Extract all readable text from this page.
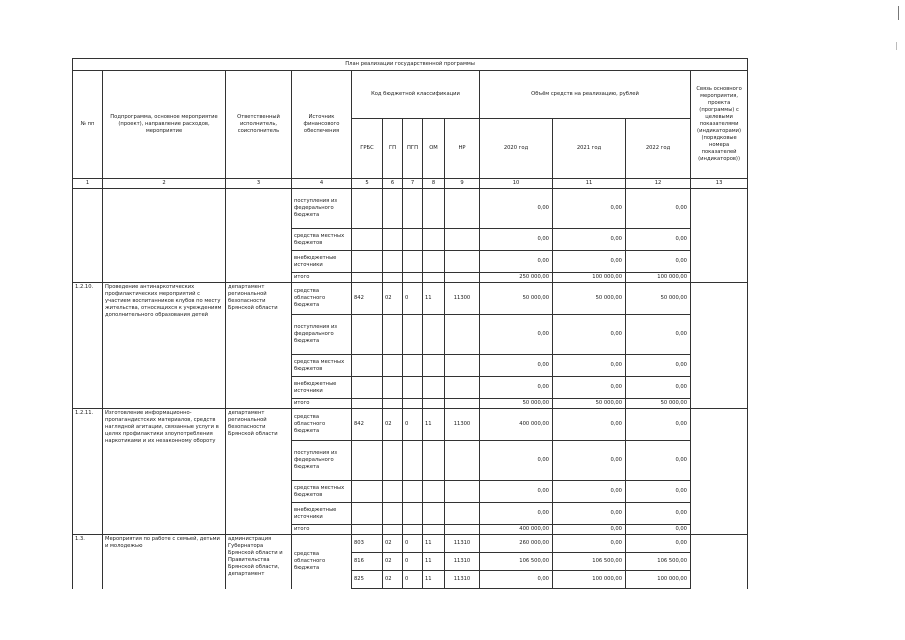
План реализации государственной программы												
№ пп	Подпрограмма, основное мероприятие (проект), направление расходов, мероприятие	Ответственный исполнитель, соисполнитель	Источник финансового обеспечения	Код бюджетной классификации					Объём средств на реализацию, рублей			Связь основного мероприятия, проекта (программы) с целевыми показателями (индикаторами) (порядковые номера показателей (индикаторов))
				ГРБС	ГП	ПГП	ОМ	НР	2020 год	2021 год	2022 год	
1	2	3	4	5	6	7	8	9	10	11	12	13
			поступления из федерального бюджета						0,00	0,00	0,00	
			средства местных бюджетов						0,00	0,00	0,00	
			внебюджетные источники						0,00	0,00	0,00	
			итого						250 000,00	100 000,00	100 000,00	
1.2.10.	Проведение антинаркотических профилактических мероприятий с участием воспитанников клубов по месту жительства, относящихся к учреждениям дополнительного образования детей	департамент региональной безопасности Брянской области	средства областного бюджета	842	02	0	11	11300	50 000,00	50 000,00	50 000,00	
			поступления из федерального бюджета						0,00	0,00	0,00	
			средства местных бюджетов						0,00	0,00	0,00	
			внебюджетные источники						0,00	0,00	0,00	
			итого						50 000,00	50 000,00	50 000,00	
1.2.11.	Изготовление информационно-пропагандистских материалов, средств наглядной агитации, связанные услуги в целях профилактики злоупотребления наркотиками и их незаконному обороту	департамент региональной безопасности Брянской области	средства областного бюджета	842	02	0	11	11300	400 000,00	0,00	0,00	
			поступления из федерального бюджета						0,00	0,00	0,00	
			средства местных бюджетов						0,00	0,00	0,00	
			внебюджетные источники						0,00	0,00	0,00	
			итого						400 000,00	0,00	0,00	
1.3.	Мероприятия по работе с семьей, детьми и молодежью	администрация Губернатора Брянской области и Правительства Брянской области, департамент	средства областного бюджета	803	02	0	11	11310	260 000,00	0,00	0,00	
				816	02	0	11	11310	106 500,00	106 500,00	106 500,00	
				825	02	0	11	11310	0,00	100 000,00	100 000,00	
